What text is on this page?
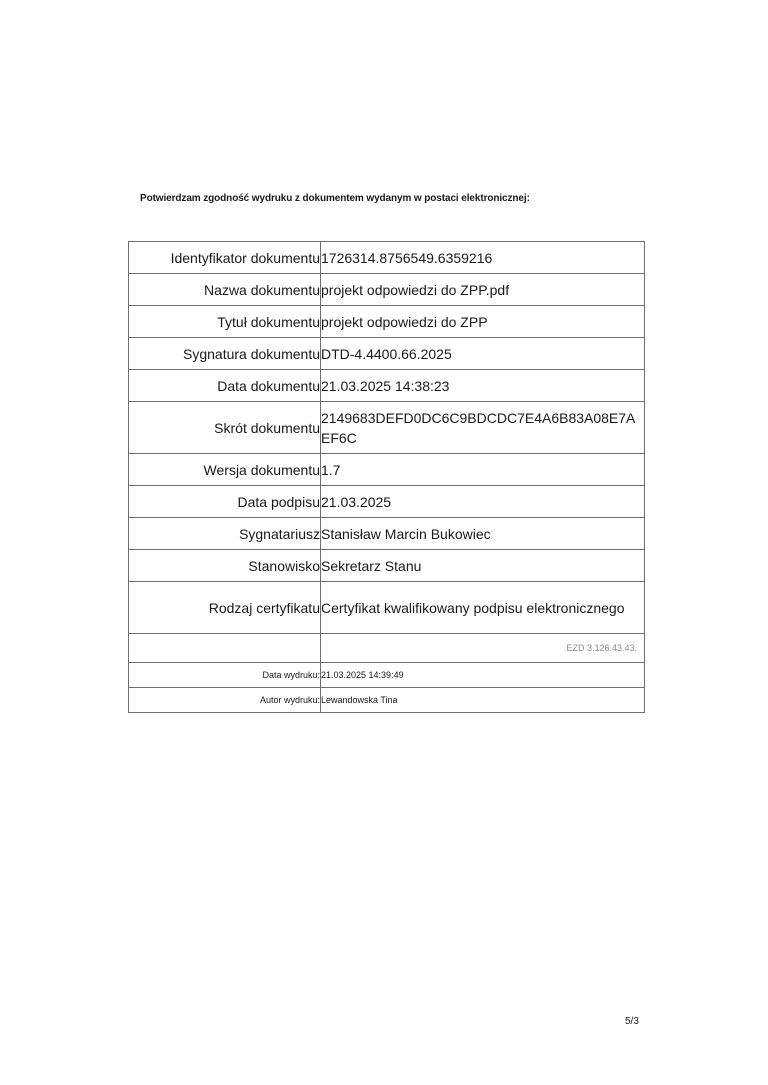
Potwierdzam zgodność wydruku z dokumentem wydanym w postaci elektronicznej:
Identyfikator dokumentu	1726314.8756549.6359216
Nazwa dokumentu	projekt odpowiedzi do ZPP.pdf
Tytuł dokumentu	projekt odpowiedzi do ZPP
Sygnatura dokumentu	DTD-4.4400.66.2025
Data dokumentu	21.03.2025 14:38:23
Skrót dokumentu	2149683DEFD0DC6C9BDCDC7E4A6B83A08E7AEF6C
Wersja dokumentu	1.7
Data podpisu	21.03.2025
Sygnatariusz	Stanisław Marcin Bukowiec
Stanowisko	Sekretarz Stanu
Rodzaj certyfikatu	Certyfikat kwalifikowany podpisu elektronicznego
	EZD 3.126.43.43.
Data wydruku:	21.03.2025 14:39:49
Autor wydruku:	Lewandowska Tina
5/3
